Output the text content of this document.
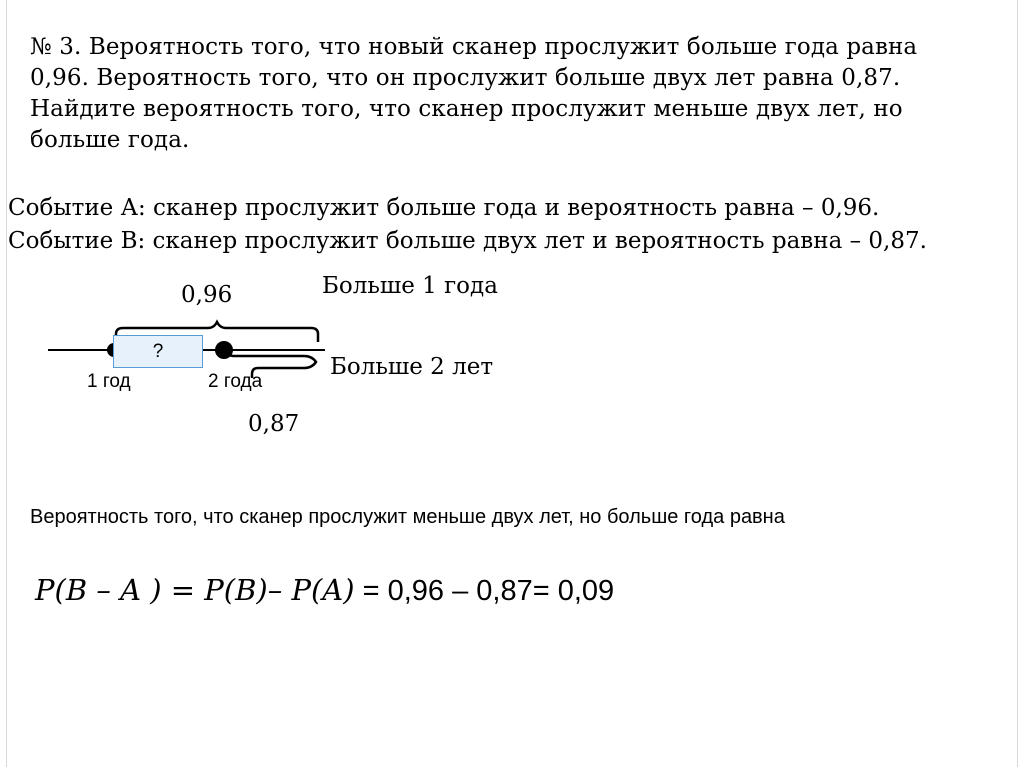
№ 3. Вероятность того, что новый сканер прослужит больше года равна
0,96. Вероятность того, что он прослужит больше двух лет равна 0,87.
Найдите вероятность того, что сканер прослужит меньше двух лет, но
больше года.
Событие А: сканер прослужит больше года и вероятность равна – 0,96.
Событие В: сканер прослужит больше двух лет и вероятность равна – 0,87.
?
0,96	Больше 1 года
Больше 2 лет
1 год	2 года
0,87
Вероятность того, что сканер прослужит меньше двух лет, но больше года равна
P(B – A ) = P(B)– P(A) = 0,96 – 0,87= 0,09
